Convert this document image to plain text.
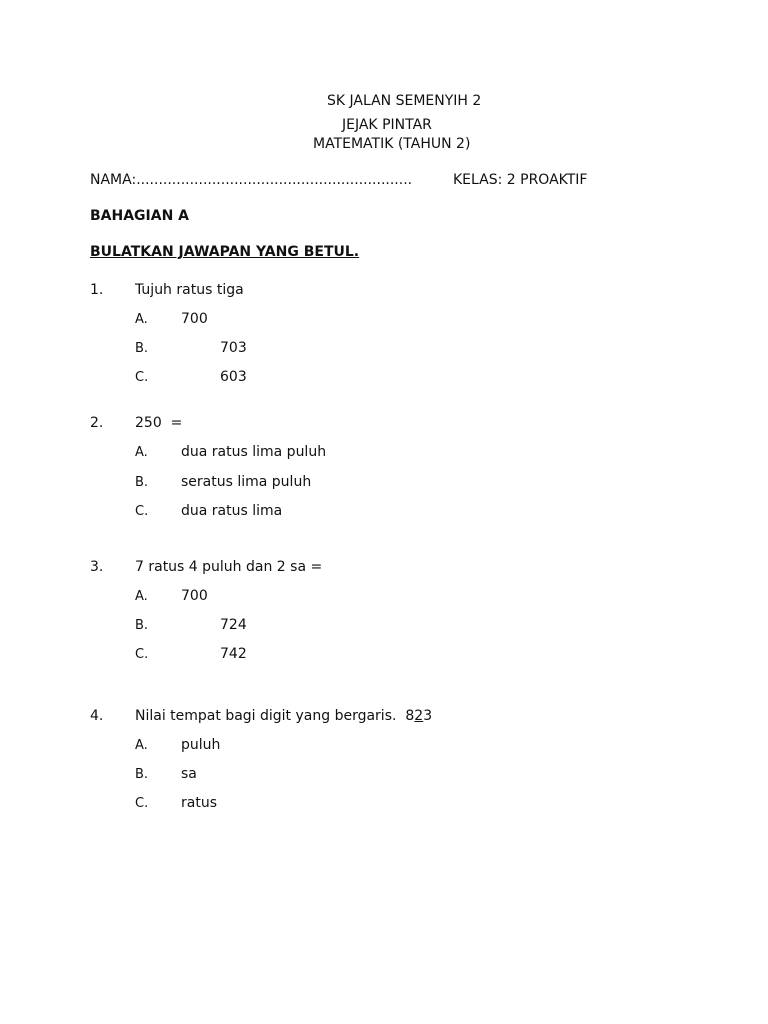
SK JALAN SEMENYIH 2
JEJAK PINTAR
MATEMATIK (TAHUN 2)
NAMA:..............................................................	KELAS: 2 PROAKTIF
BAHAGIAN A
BULATKAN JAWAPAN YANG BETUL.
1. Tujuh ratus tiga
A. 700
B.	703
C.	603
2. 250  =
A. dua ratus lima puluh
B. seratus lima puluh
C. dua ratus lima
3. 7 ratus 4 puluh dan 2 sa =
A. 700
B.	724
C.	742
4. Nilai tempat bagi digit yang bergaris. 823
A. puluh
B. sa
C. ratus
